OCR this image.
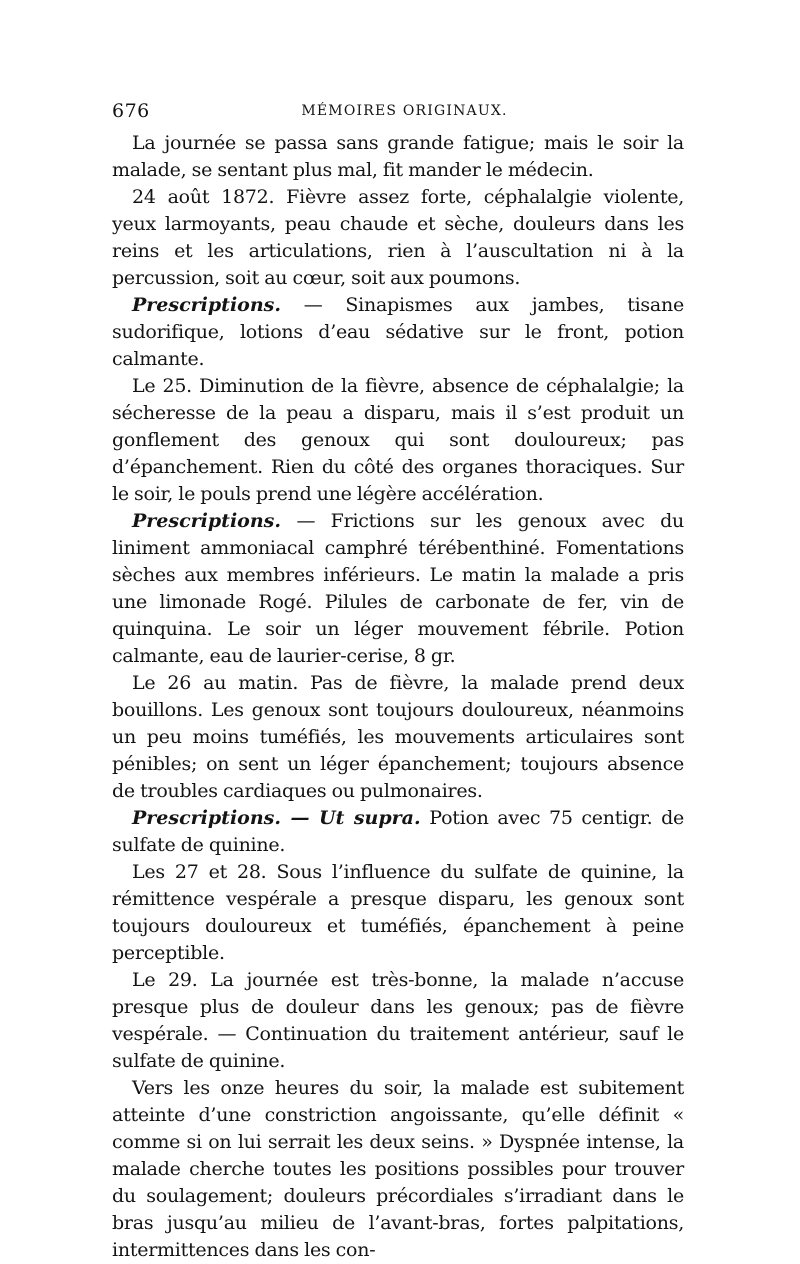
676	MÉMOIRES ORIGINAUX.

La journée se passa sans grande fatigue; mais le soir la malade, se sentant plus mal, fit mander le médecin.

24 août 1872. Fièvre assez forte, céphalalgie violente, yeux larmoyants, peau chaude et sèche, douleurs dans les reins et les articulations, rien à l’auscultation ni à la percussion, soit au cœur, soit aux poumons.

Prescriptions. — Sinapismes aux jambes, tisane sudorifique, lotions d’eau sédative sur le front, potion calmante.

Le 25. Diminution de la fièvre, absence de céphalalgie; la sécheresse de la peau a disparu, mais il s’est produit un gonflement des genoux qui sont douloureux; pas d’épanchement. Rien du côté des organes thoraciques. Sur le soir, le pouls prend une légère accélération.

Prescriptions. — Frictions sur les genoux avec du liniment ammoniacal camphré térébenthiné. Fomentations sèches aux membres inférieurs. Le matin la malade a pris une limonade Rogé. Pilules de carbonate de fer, vin de quinquina. Le soir un léger mouvement fébrile. Potion calmante, eau de laurier-cerise, 8 gr.

Le 26 au matin. Pas de fièvre, la malade prend deux bouillons. Les genoux sont toujours douloureux, néanmoins un peu moins tuméfiés, les mouvements articulaires sont pénibles; on sent un léger épanchement; toujours absence de troubles cardiaques ou pulmonaires.

Prescriptions. — Ut supra. Potion avec 75 centigr. de sulfate de quinine.

Les 27 et 28. Sous l’influence du sulfate de quinine, la rémittence vespérale a presque disparu, les genoux sont toujours douloureux et tuméfiés, épanchement à peine perceptible.

Le 29. La journée est très-bonne, la malade n’accuse presque plus de douleur dans les genoux; pas de fièvre vespérale. — Continuation du traitement antérieur, sauf le sulfate de quinine.

Vers les onze heures du soir, la malade est subitement atteinte d’une constriction angoissante, qu’elle définit « comme si on lui serrait les deux seins. » Dyspnée intense, la malade cherche toutes les positions possibles pour trouver du soulagement; douleurs précordiales s’irradiant dans le bras jusqu’au milieu de l’avant-bras, fortes palpitations, intermittences dans les con-
